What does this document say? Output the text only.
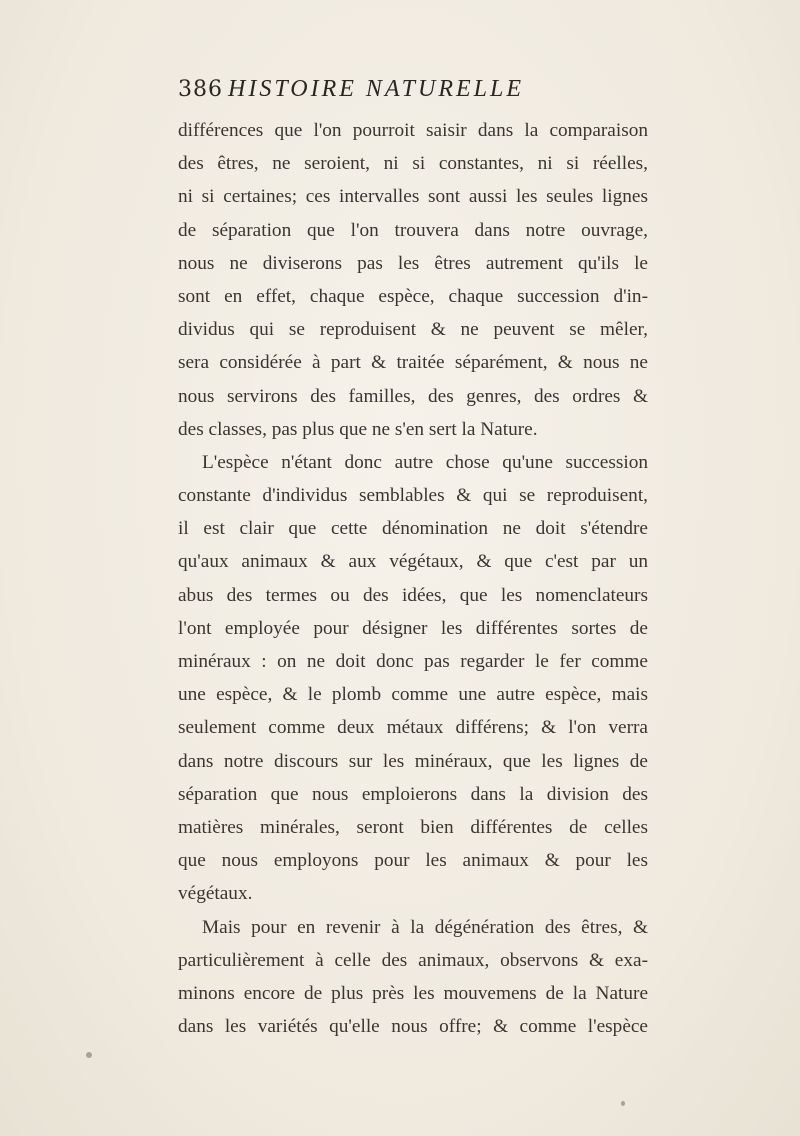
386 HISTOIRE NATURELLE
différences que l'on pourroit saisir dans la comparaison
des êtres, ne seroient, ni si constantes, ni si réelles,
ni si certaines; ces intervalles sont aussi les seules lignes
de séparation que l'on trouvera dans notre ouvrage,
nous ne diviserons pas les êtres autrement qu'ils le
sont en effet, chaque espèce, chaque succession d'in-
dividus qui se reproduisent & ne peuvent se mêler,
sera considérée à part & traitée séparément, & nous ne
nous servirons des familles, des genres, des ordres &
des classes, pas plus que ne s'en sert la Nature.
L'espèce n'étant donc autre chose qu'une succession
constante d'individus semblables & qui se reproduisent,
il est clair que cette dénomination ne doit s'étendre
qu'aux animaux & aux végétaux, & que c'est par un
abus des termes ou des idées, que les nomenclateurs
l'ont employée pour désigner les différentes sortes de
minéraux : on ne doit donc pas regarder le fer comme
une espèce, & le plomb comme une autre espèce, mais
seulement comme deux métaux différens; & l'on verra
dans notre discours sur les minéraux, que les lignes de
séparation que nous emploierons dans la division des
matières minérales, seront bien différentes de celles
que nous employons pour les animaux & pour les
végétaux.
Mais pour en revenir à la dégénération des êtres, &
particulièrement à celle des animaux, observons & exa-
minons encore de plus près les mouvemens de la Nature
dans les variétés qu'elle nous offre; & comme l'espèce
